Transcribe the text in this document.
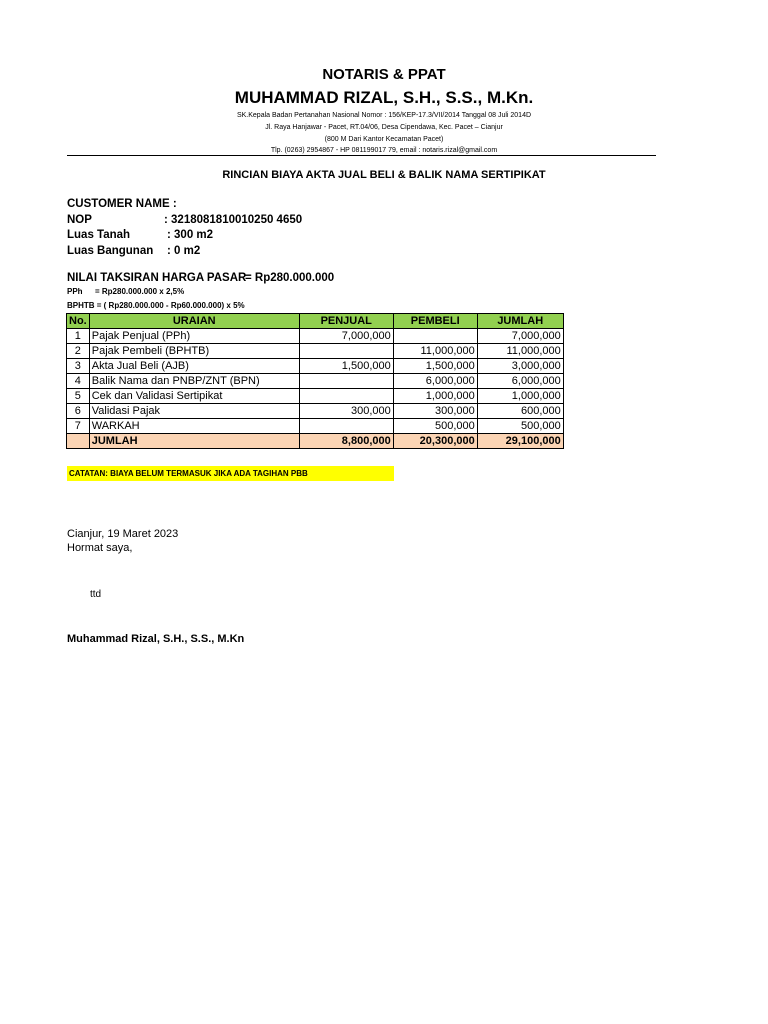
NOTARIS & PPAT
MUHAMMAD RIZAL, S.H., S.S., M.Kn.
SK.Kepala Badan Pertanahan Nasional Nomor : 156/KEP-17.3/VII/2014 Tanggal 08 Juli 2014D
Jl. Raya Hanjawar - Pacet, RT.04/06, Desa Cipendawa, Kec. Pacet – Cianjur
(800 M Dari Kantor Kecamatan Pacet)
Tlp. (0263) 2954867 - HP 081199017 79, email : notaris.rizal@gmail.com
RINCIAN BIAYA AKTA JUAL BELI & BALIK NAMA SERTIPIKAT
CUSTOMER NAME :
NOP	: 3218081810010250 4650
Luas Tanah	: 300 m2
Luas Bangunan : 0 m2
NILAI TAKSIRAN HARGA PASAR
= Rp280.000.000
PPh = Rp280.000.000 x 2,5%
BPHTB = ( Rp280.000.000 - Rp60.000.000) x 5%
No.	URAIAN	PENJUAL	PEMBELI	JUMLAH
1	Pajak Penjual (PPh)	7,000,000		7,000,000
2	Pajak Pembeli (BPHTB)		11,000,000	11,000,000
3	Akta Jual Beli (AJB)	1,500,000	1,500,000	3,000,000
4	Balik Nama dan PNBP/ZNT (BPN)		6,000,000	6,000,000
5	Cek dan Validasi Sertipikat		1,000,000	1,000,000
6	Validasi Pajak	300,000	300,000	600,000
7	WARKAH		500,000	500,000
	JUMLAH	8,800,000	20,300,000	29,100,000
CATATAN: BIAYA BELUM TERMASUK JIKA ADA TAGIHAN PBB
Cianjur, 19 Maret 2023
Hormat saya,
ttd
Muhammad Rizal, S.H., S.S., M.Kn
